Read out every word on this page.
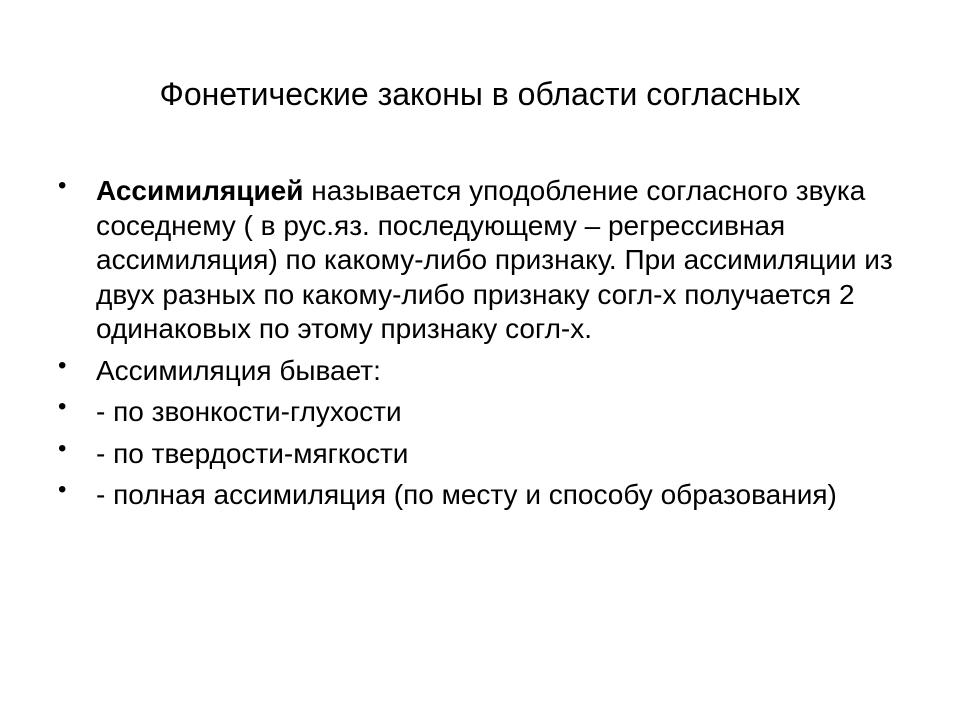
Фонетические законы в области согласных
• Ассимиляцией называется уподобление согласного звука соседнему ( в рус.яз. последующему – регрессивная ассимиляция) по какому-либо признаку. При ассимиляции из двух разных по какому-либо признаку согл-х получается 2 одинаковых по этому признаку согл-х.
• Ассимиляция бывает:
• - по звонкости-глухости
• - по твердости-мягкости
• - полная ассимиляция (по месту и способу образования)
